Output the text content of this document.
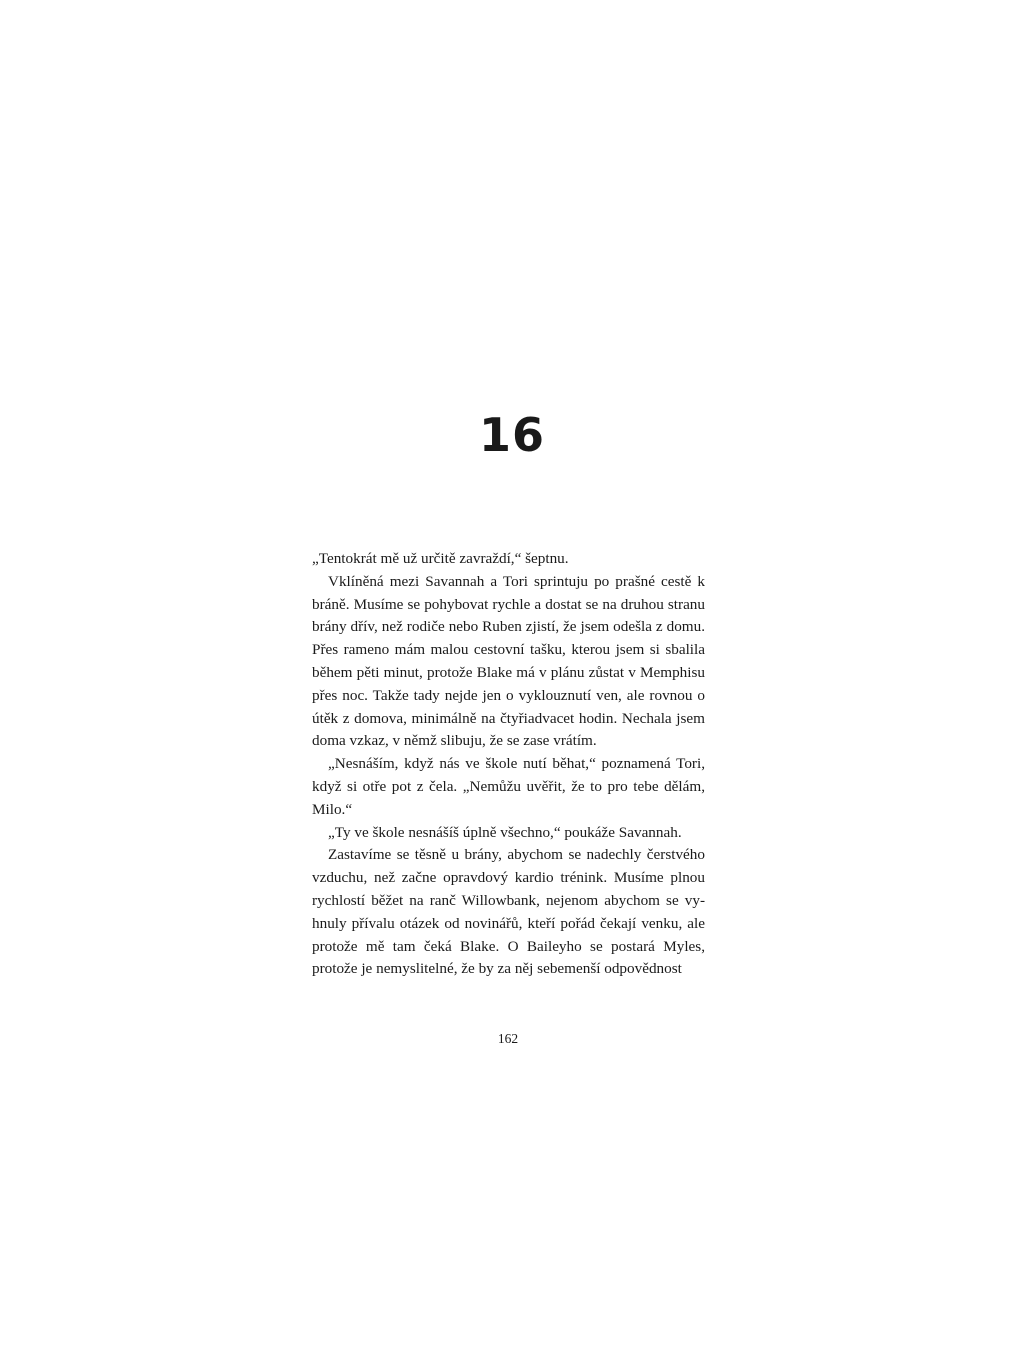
16

„Tentokrát mě už určitě zavraždí,“ šeptnu.

Vklíněná mezi Savannah a Tori sprintuju po prašné cestě k bráně. Musíme se pohybovat rychle a dostat se na druhou stranu brány dřív, než rodiče nebo Ruben zjistí, že jsem odešla z domu. Přes rameno mám malou cestovní tašku, kterou jsem si sbalila během pěti minut, protože Blake má v plánu zůstat v Memphisu přes noc. Takže tady nejde jen o vyklouznutí ven, ale rovnou o útěk z domova, minimálně na čtyřiadvacet hodin. Nechala jsem doma vzkaz, v němž slibuju, že se zase vrátím.

„Nesnáším, když nás ve škole nutí běhat,“ poznamená Tori, když si otře pot z čela. „Nemůžu uvěřit, že to pro tebe dělám, Milo.“

„Ty ve škole nesnášíš úplně všechno,“ poukáže Savannah.

Zastavíme se těsně u brány, abychom se nadechly čerstvého vzduchu, než začne opravdový kardio trénink. Musíme plnou rychlostí běžet na ranč Willowbank, nejenom abychom se vyhnuly přívalu otázek od novinářů, kteří pořád čekají venku, ale protože mě tam čeká Blake. O Baileyho se postará Myles, protože je nemyslitelné, že by za něj sebemenší odpovědnost

162
